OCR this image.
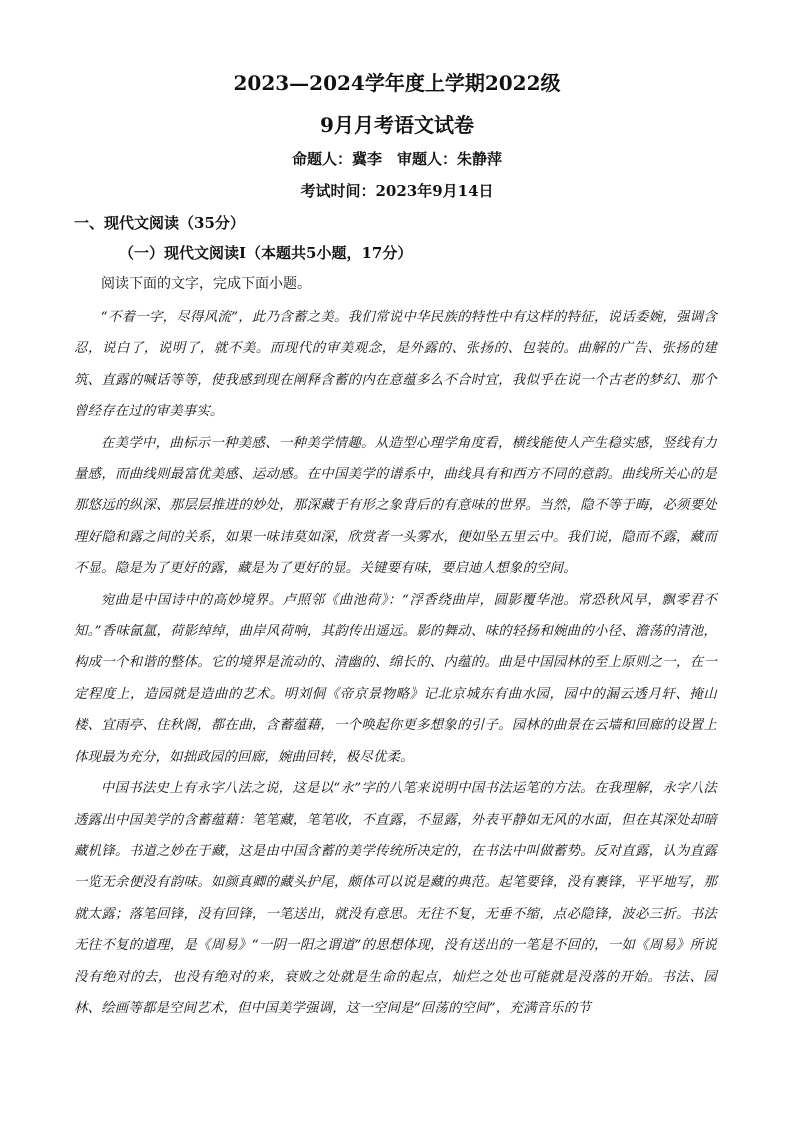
2023—2024学年度上学期2022级
9月月考语文试卷
命题人：冀李　审题人：朱静萍
考试时间：2023年9月14日
一、现代文阅读（35分）
（一）现代文阅读Ⅰ（本题共5小题，17分）
阅读下面的文字，完成下面小题。

“不着一字，尽得风流”，此乃含蓄之美。我们常说中华民族的特性中有这样的特征，说话委婉，强调含忍，说白了，说明了，就不美。而现代的审美观念，是外露的、张扬的、包装的。曲解的广告、张扬的建筑、直露的喊话等等，使我感到现在阐释含蓄的内在意蕴多么不合时宜，我似乎在说一个古老的梦幻、那个曾经存在过的审美事实。

在美学中，曲标示一种美感、一种美学情趣。从造型心理学角度看，横线能使人产生稳实感，竖线有力量感，而曲线则最富优美感、运动感。在中国美学的谱系中，曲线具有和西方不同的意韵。曲线所关心的是那悠远的纵深、那层层推进的妙处，那深藏于有形之象背后的有意味的世界。当然，隐不等于晦，必须要处理好隐和露之间的关系，如果一味讳莫如深，欣赏者一头雾水，便如坠五里云中。我们说，隐而不露，藏而不显。隐是为了更好的露，藏是为了更好的显。关键要有味，要启迪人想象的空间。

宛曲是中国诗中的高妙境界。卢照邻《曲池荷》：“浮香绕曲岸，圆影覆华池。常恐秋风早，飘零君不知。”香味氤氲，荷影绰绰，曲岸风荷响，其韵传出遥远。影的舞动、味的轻扬和婉曲的小径、澹荡的清池，构成一个和谐的整体。它的境界是流动的、清幽的、绵长的、内蕴的。曲是中国园林的至上原则之一，在一定程度上，造园就是造曲的艺术。明刘侗《帝京景物略》记北京城东有曲水园，园中的漏云透月轩、掩山楼、宜雨亭、住秋阁，都在曲，含蓄蕴藉，一个唤起你更多想象的引子。园林的曲景在云墙和回廊的设置上体现最为充分，如拙政园的回廊，婉曲回转，极尽优柔。

中国书法史上有永字八法之说，这是以“永”字的八笔来说明中国书法运笔的方法。在我理解，永字八法透露出中国美学的含蓄蕴藉：笔笔藏，笔笔收，不直露，不显露，外表平静如无风的水面，但在其深处却暗藏机锋。书道之妙在于藏，这是由中国含蓄的美学传统所决定的，在书法中叫做蓄势。反对直露，认为直露一览无余便没有韵味。如颜真卿的藏头护尾，颇体可以说是藏的典范。起笔要锋，没有裹锋，平平地写，那就太露；落笔回锋，没有回锋，一笔送出，就没有意思。无往不复，无垂不缩，点必隐锋，波必三折。书法无往不复的道理，是《周易》“一阴一阳之谓道”的思想体现，没有送出的一笔是不回的，一如《周易》所说没有绝对的去，也没有绝对的来，衰败之处就是生命的起点，灿烂之处也可能就是没落的开始。书法、园林、绘画等都是空间艺术，但中国美学强调，这一空间是“回荡的空间”，充满音乐的节
